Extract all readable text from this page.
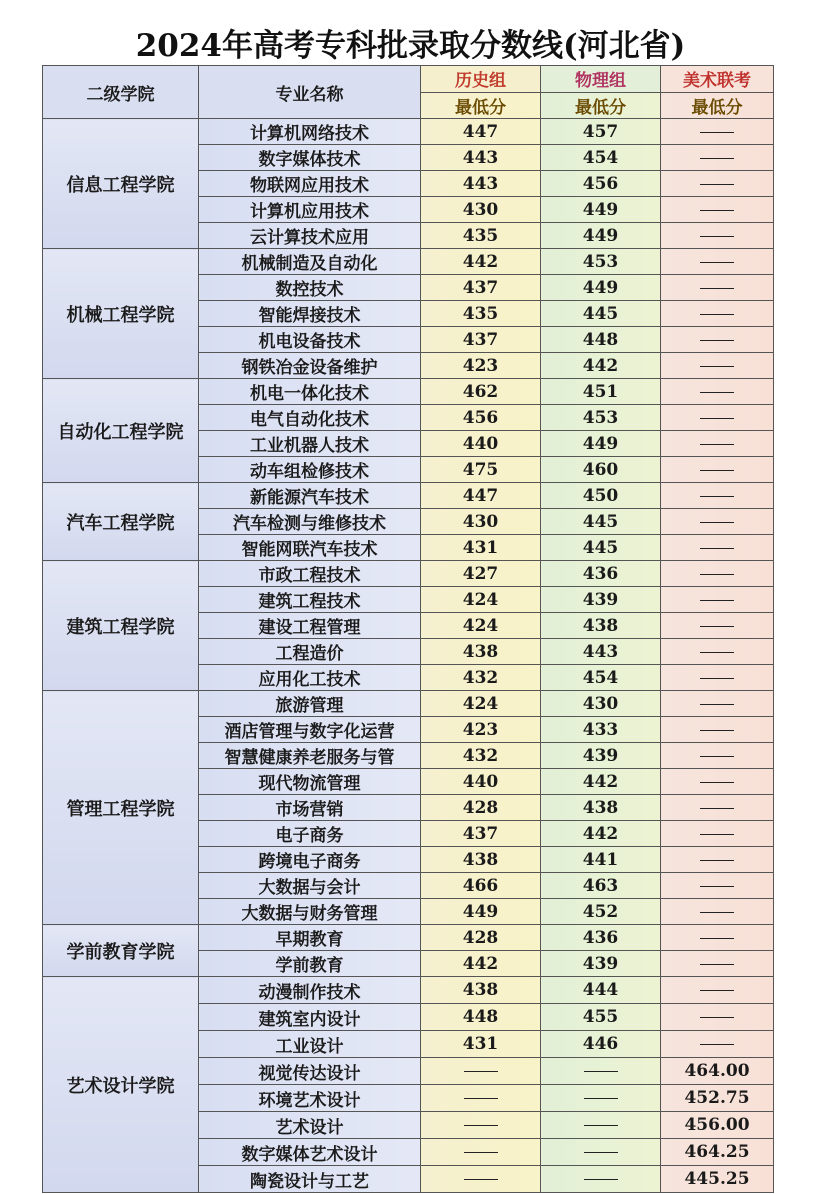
2024年高考专科批录取分数线(河北省)
二级学院	专业名称	历史组	物理组	美术联考
		最低分	最低分	最低分
信息工程学院	计算机网络技术	447	457	
	数字媒体技术	443	454	
	物联网应用技术	443	456	
	计算机应用技术	430	449	
	云计算技术应用	435	449	
机械工程学院	机械制造及自动化	442	453	
	数控技术	437	449	
	智能焊接技术	435	445	
	机电设备技术	437	448	
	钢铁冶金设备维护	423	442	
自动化工程学院	机电一体化技术	462	451	
	电气自动化技术	456	453	
	工业机器人技术	440	449	
	动车组检修技术	475	460	
汽车工程学院	新能源汽车技术	447	450	
	汽车检测与维修技术	430	445	
	智能网联汽车技术	431	445	
建筑工程学院	市政工程技术	427	436	
	建筑工程技术	424	439	
	建设工程管理	424	438	
	工程造价	438	443	
	应用化工技术	432	454	
管理工程学院	旅游管理	424	430	
	酒店管理与数字化运营	423	433	
	智慧健康养老服务与管	432	439	
	现代物流管理	440	442	
	市场营销	428	438	
	电子商务	437	442	
	跨境电子商务	438	441	
	大数据与会计	466	463	
	大数据与财务管理	449	452	
学前教育学院	早期教育	428	436	
	学前教育	442	439	
艺术设计学院	动漫制作技术	438	444	
	建筑室内设计	448	455	
	工业设计	431	446	
	视觉传达设计			464.00
	环境艺术设计			452.75
	艺术设计			456.00
	数字媒体艺术设计			464.25
	陶瓷设计与工艺			445.25
